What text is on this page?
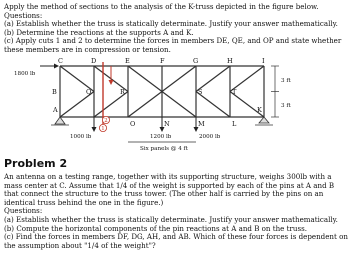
Apply the method of sections to the analysis of the K-truss depicted in the figure below.

Questions:

(a) Establish whether the truss is statically determinate. Justify your answer mathematically.

(b) Determine the reactions at the supports A and K.

(c) Apply cuts 1 and 2 to determine the forces in members DE, QE, and OP and state whether these members are in compression or tension.

C	D	E	F	G	H	I
B	Q	R	S	T
A
O	N	M	L
K
1800 lb
1000 lb	1200 lb	2000 lb
3 ft
3 ft
Six panels @ 4 ft
1
2

Problem 2

An antenna on a testing range, together with its supporting structure, weighs 300lb with a mass center at C. Assume that 1/4 of the weight is supported by each of the pins at A and B that connect the structure to the truss tower. (The other half is carried by the pins on an identical truss behind the one in the figure.)

Questions:

(a) Establish whether the truss is statically determinate. Justify your answer mathematically.

(b) Compute the horizontal components of the pin reactions at A and B on the truss.

(c) Find the forces in members DF, DG, AH, and AB. Which of these four forces is dependent on the assumption about "1/4 of the weight"?
